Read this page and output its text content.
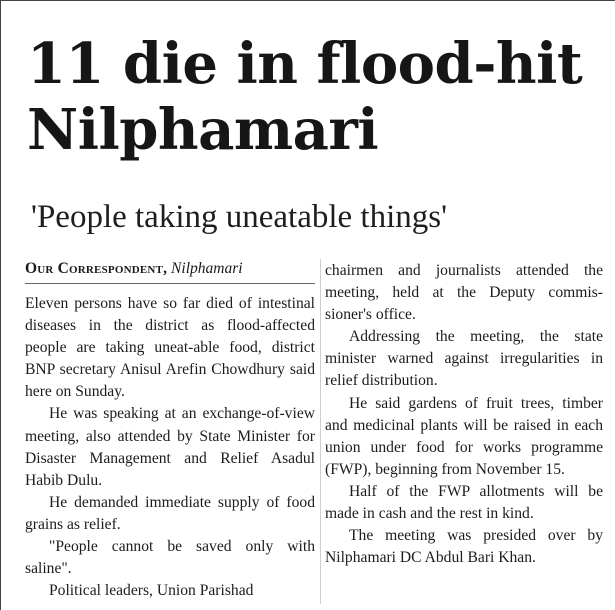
11 die in flood-hit Nilphamari
'People taking uneatable things'
Our Correspondent, Nilphamari

Eleven persons have so far died of intestinal diseases in the district as flood-affected people are taking uneat-able food, district BNP secretary Anisul Arefin Chowdhury said here on Sunday.

He was speaking at an exchange-of-view meeting, also attended by State Minister for Disaster Management and Relief Asadul Habib Dulu.

He demanded immediate supply of food grains as relief.

"People cannot be saved only with saline".

Political leaders, Union Parishad

chairmen and journalists attended the meeting, held at the Deputy commis-sioner's office.

Addressing the meeting, the state minister warned against irregularities in relief distribution.

He said gardens of fruit trees, timber and medicinal plants will be raised in each union under food for works programme (FWP), beginning from November 15.

Half of the FWP allotments will be made in cash and the rest in kind.

The meeting was presided over by Nilphamari DC Abdul Bari Khan.
